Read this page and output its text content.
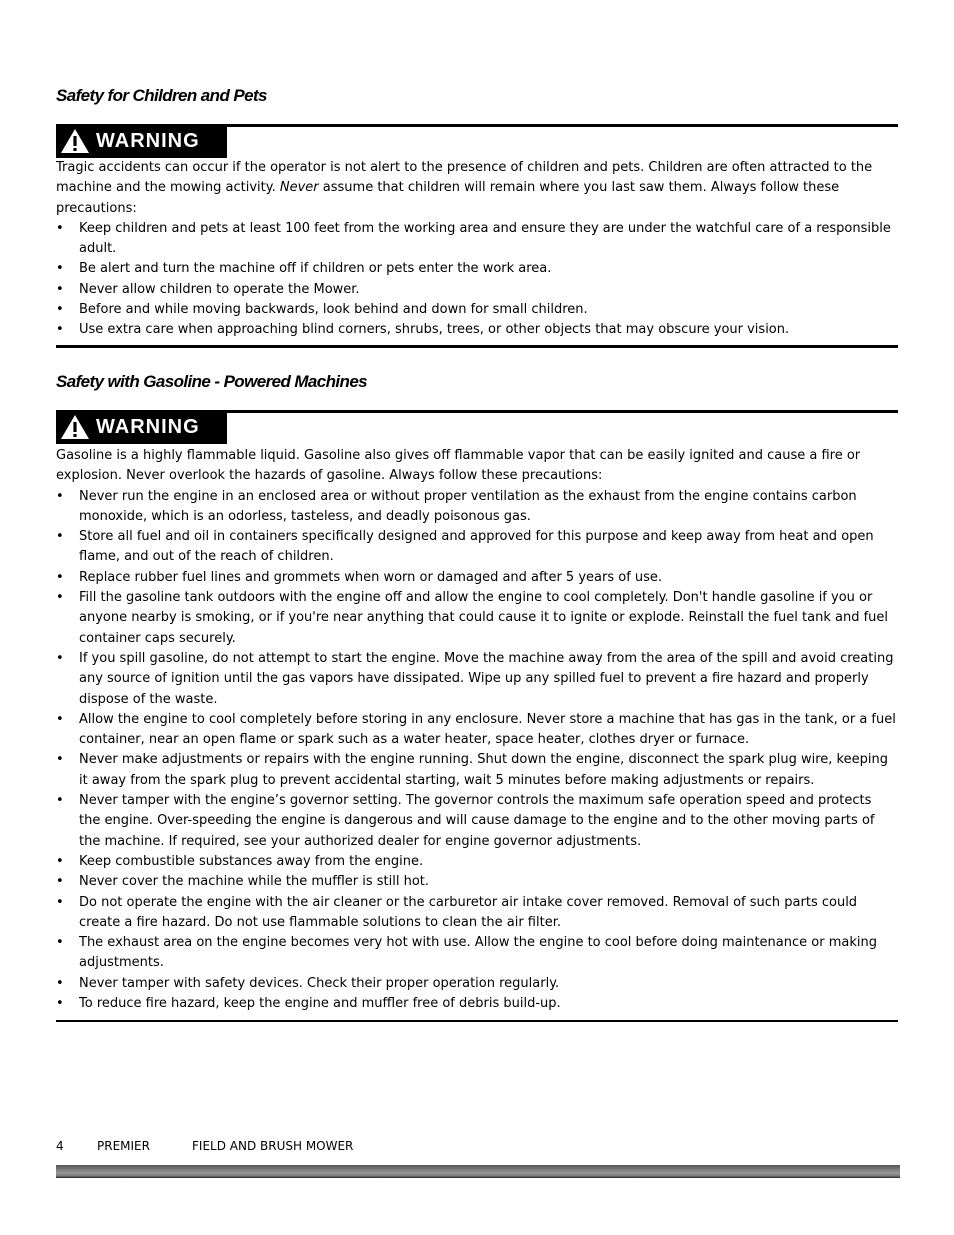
Safety for Children and Pets
WARNING

Tragic accidents can occur if the operator is not alert to the presence of children and pets. Children are often attracted to the machine and the mowing activity. Never assume that children will remain where you last saw them. Always follow these precautions:

• Keep children and pets at least 100 feet from the working area and ensure they are under the watchful care of a responsible adult.
• Be alert and turn the machine off if children or pets enter the work area.
• Never allow children to operate the Mower.
• Before and while moving backwards, look behind and down for small children.
• Use extra care when approaching blind corners, shrubs, trees, or other objects that may obscure your vision.
Safety with Gasoline - Powered Machines
WARNING

Gasoline is a highly flammable liquid. Gasoline also gives off flammable vapor that can be easily ignited and cause a fire or explosion. Never overlook the hazards of gasoline. Always follow these precautions:

• Never run the engine in an enclosed area or without proper ventilation as the exhaust from the engine contains carbon monoxide, which is an odorless, tasteless, and deadly poisonous gas.
• Store all fuel and oil in containers specifically designed and approved for this purpose and keep away from heat and open flame, and out of the reach of children.
• Replace rubber fuel lines and grommets when worn or damaged and after 5 years of use.
• Fill the gasoline tank outdoors with the engine off and allow the engine to cool completely. Don't handle gasoline if you or anyone nearby is smoking, or if you're near anything that could cause it to ignite or explode. Reinstall the fuel tank and fuel container caps securely.
• If you spill gasoline, do not attempt to start the engine. Move the machine away from the area of the spill and avoid creating any source of ignition until the gas vapors have dissipated. Wipe up any spilled fuel to prevent a fire hazard and properly dispose of the waste.
• Allow the engine to cool completely before storing in any enclosure. Never store a machine that has gas in the tank, or a fuel container, near an open flame or spark such as a water heater, space heater, clothes dryer or furnace.
• Never make adjustments or repairs with the engine running. Shut down the engine, disconnect the spark plug wire, keeping it away from the spark plug to prevent accidental starting, wait 5 minutes before making adjustments or repairs.
• Never tamper with the engine’s governor setting. The governor controls the maximum safe operation speed and protects the engine. Over-speeding the engine is dangerous and will cause damage to the engine and to the other moving parts of the machine. If required, see your authorized dealer for engine governor adjustments.
• Keep combustible substances away from the engine.
• Never cover the machine while the muffler is still hot.
• Do not operate the engine with the air cleaner or the carburetor air intake cover removed. Removal of such parts could create a fire hazard. Do not use flammable solutions to clean the air filter.
• The exhaust area on the engine becomes very hot with use. Allow the engine to cool before doing maintenance or making adjustments.
• Never tamper with safety devices. Check their proper operation regularly.
• To reduce fire hazard, keep the engine and muffler free of debris build-up.
4	PREMIER	FIELD AND BRUSH MOWER
